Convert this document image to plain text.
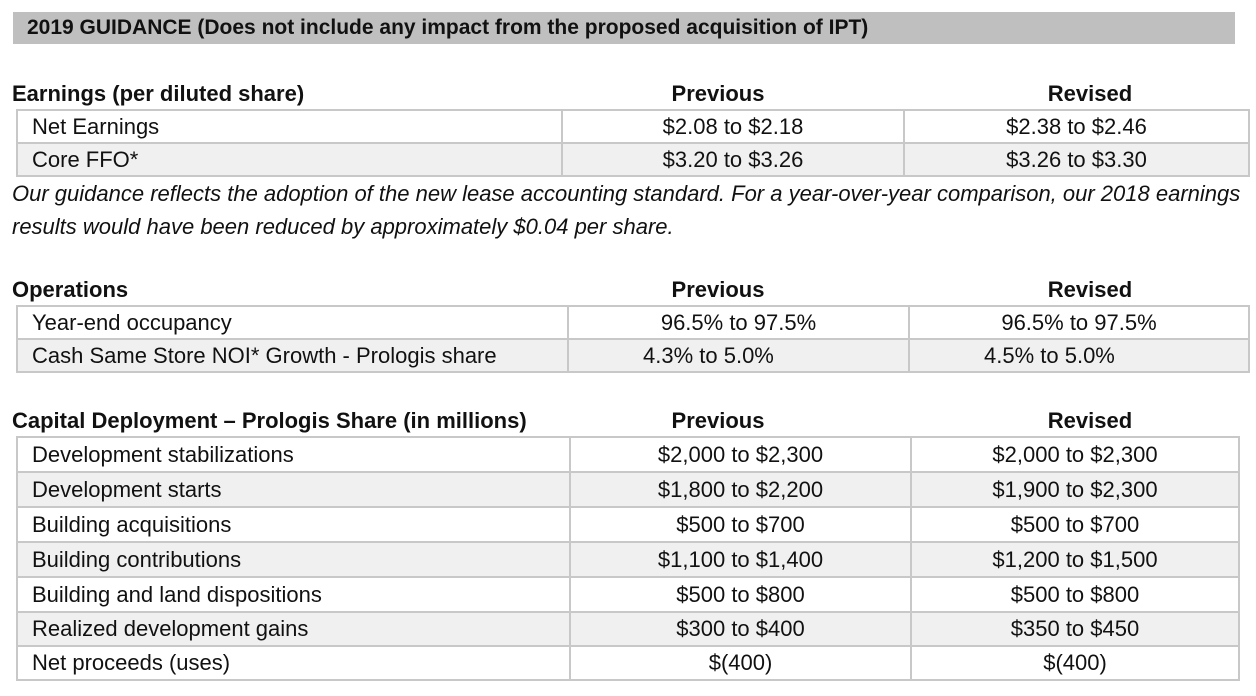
2019 GUIDANCE (Does not include any impact from the proposed acquisition of IPT)
Earnings (per diluted share)	Previous	Revised
Net Earnings	$2.08 to $2.18	$2.38 to $2.46
Core FFO*	$3.20 to $3.26	$3.26 to $3.30
Our guidance reflects the adoption of the new lease accounting standard. For a year-over-year comparison, our 2018 earnings results would have been reduced by approximately $0.04 per share.
Operations	Previous	Revised
Year-end occupancy	96.5% to 97.5%	96.5% to 97.5%
Cash Same Store NOI* Growth - Prologis share	4.3% to 5.0%	4.5% to 5.0%
Capital Deployment – Prologis Share (in millions)	Previous	Revised
Development stabilizations	$2,000 to $2,300	$2,000 to $2,300
Development starts	$1,800 to $2,200	$1,900 to $2,300
Building acquisitions	$500 to $700	$500 to $700
Building contributions	$1,100 to $1,400	$1,200 to $1,500
Building and land dispositions	$500 to $800	$500 to $800
Realized development gains	$300 to $400	$350 to $450
Net proceeds (uses)	$(400)	$(400)
